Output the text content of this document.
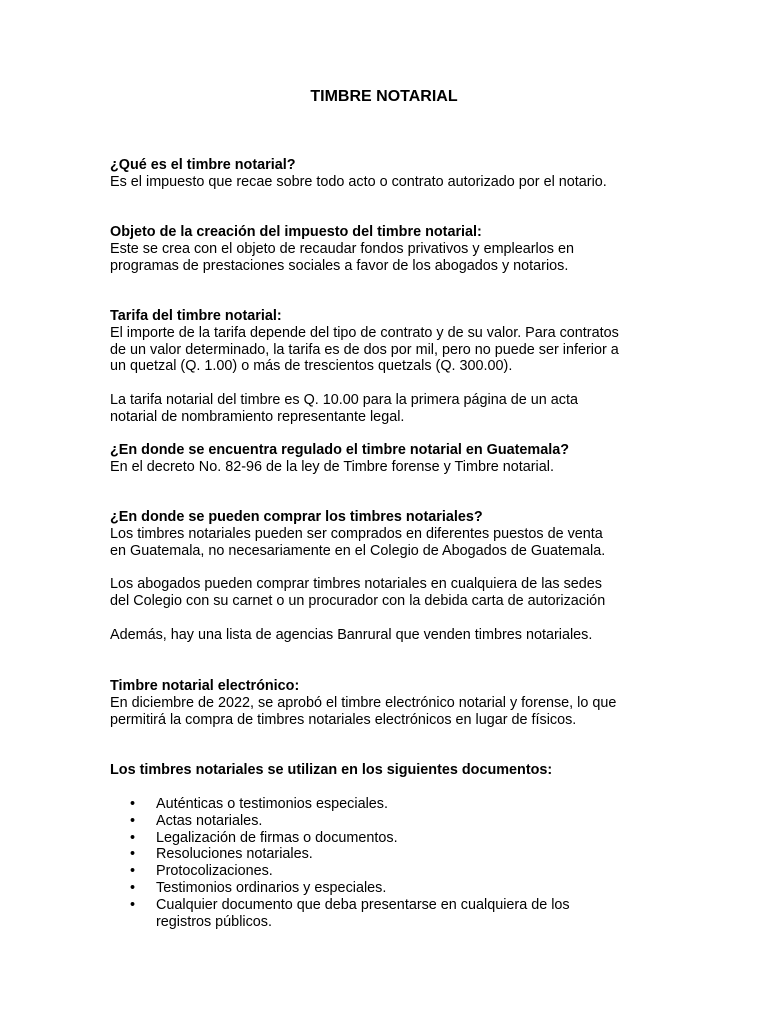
TIMBRE NOTARIAL
¿Qué es el timbre notarial?
Es el impuesto que recae sobre todo acto o contrato autorizado por el notario.
Objeto de la creación del impuesto del timbre notarial:
Este se crea con el objeto de recaudar fondos privativos y emplearlos en
programas de prestaciones sociales a favor de los abogados y notarios.
Tarifa del timbre notarial:
El importe de la tarifa depende del tipo de contrato y de su valor. Para contratos
de un valor determinado, la tarifa es de dos por mil, pero no puede ser inferior a
un quetzal (Q. 1.00) o más de trescientos quetzals (Q. 300.00).
La tarifa notarial del timbre es Q. 10.00 para la primera página de un acta
notarial de nombramiento representante legal.
¿En donde se encuentra regulado el timbre notarial en Guatemala?
En el decreto No. 82-96 de la ley de Timbre forense y Timbre notarial.
¿En donde se pueden comprar los timbres notariales?
Los timbres notariales pueden ser comprados en diferentes puestos de venta
en Guatemala, no necesariamente en el Colegio de Abogados de Guatemala.
Los abogados pueden comprar timbres notariales en cualquiera de las sedes
del Colegio con su carnet o un procurador con la debida carta de autorización
Además, hay una lista de agencias Banrural que venden timbres notariales.
Timbre notarial electrónico:
En diciembre de 2022, se aprobó el timbre electrónico notarial y forense, lo que
permitirá la compra de timbres notariales electrónicos en lugar de físicos.
Los timbres notariales se utilizan en los siguientes documentos:
• Auténticas o testimonios especiales.
• Actas notariales.
• Legalización de firmas o documentos.
• Resoluciones notariales.
• Protocolizaciones.
• Testimonios ordinarios y especiales.
• Cualquier documento que deba presentarse en cualquiera de los
registros públicos.
